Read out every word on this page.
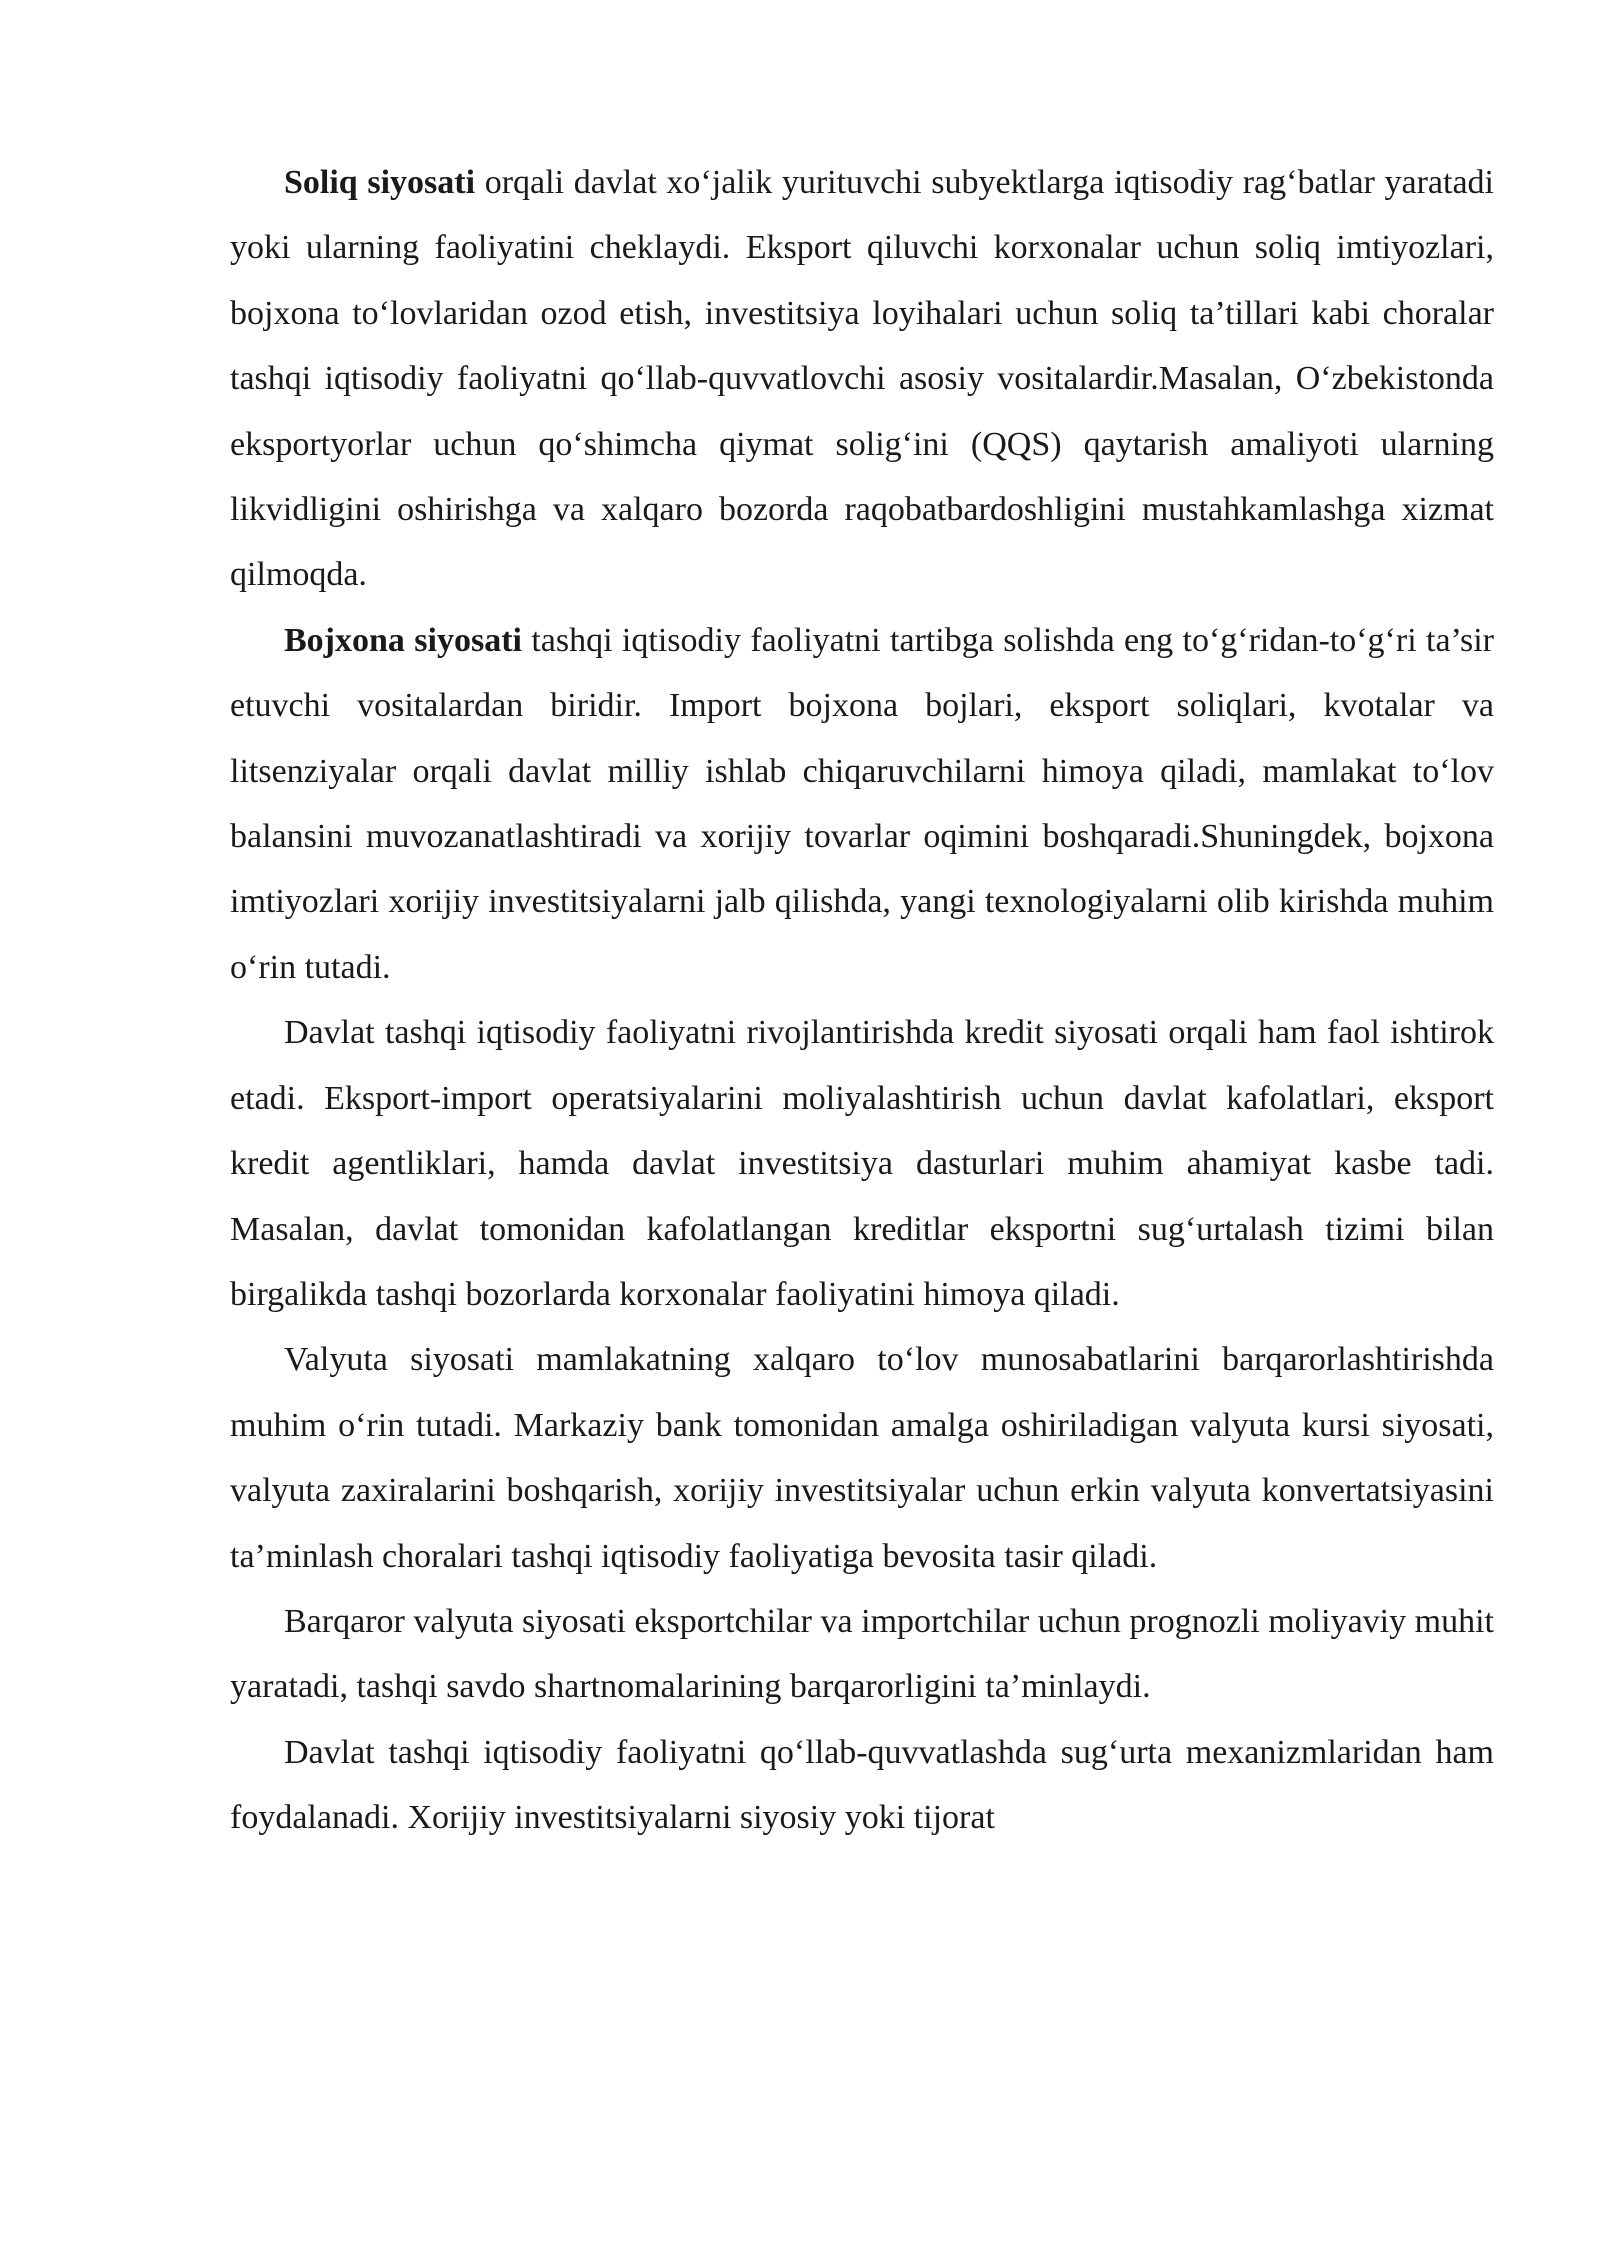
Soliq siyosati orqali davlat xo‘jalik yurituvchi subyektlarga iqtisodiy rag‘batlar yaratadi yoki ularning faoliyatini cheklaydi. Eksport qiluvchi korxonalar uchun soliq imtiyozlari, bojxona to‘lovlaridan ozod etish, investitsiya loyihalari uchun soliq ta’tillari kabi choralar tashqi iqtisodiy faoliyatni qo‘llab-quvvatlovchi asosiy vositalardir.Masalan, O‘zbekistonda eksportyorlar uchun qo‘shimcha qiymat solig‘ini (QQS) qaytarish amaliyoti ularning likvidligini oshirishga va xalqaro bozorda raqobatbardoshligini mustahkamlashga xizmat qilmoqda.

Bojxona siyosati tashqi iqtisodiy faoliyatni tartibga solishda eng to‘g‘ridan-to‘g‘ri ta’sir etuvchi vositalardan biridir. Import bojxona bojlari, eksport soliqlari, kvotalar va litsenziyalar orqali davlat milliy ishlab chiqaruvchilarni himoya qiladi, mamlakat to‘lov balansini muvozanatlashtiradi va xorijiy tovarlar oqimini boshqaradi.Shuningdek, bojxona imtiyozlari xorijiy investitsiyalarni jalb qilishda, yangi texnologiyalarni olib kirishda muhim o‘rin tutadi.

Davlat tashqi iqtisodiy faoliyatni rivojlantirishda kredit siyosati orqali ham faol ishtirok etadi. Eksport-import operatsiyalarini moliyalashtirish uchun davlat kafolatlari, eksport kredit agentliklari, hamda davlat investitsiya dasturlari muhim ahamiyat kasbe tadi. Masalan, davlat tomonidan kafolatlangan kreditlar eksportni sug‘urtalash tizimi bilan birgalikda tashqi bozorlarda korxonalar faoliyatini himoya qiladi.

Valyuta siyosati mamlakatning xalqaro to‘lov munosabatlarini barqarorlashtirishda muhim o‘rin tutadi. Markaziy bank tomonidan amalga oshiriladigan valyuta kursi siyosati, valyuta zaxiralarini boshqarish, xorijiy investitsiyalar uchun erkin valyuta konvertatsiyasini ta’minlash choralari tashqi iqtisodiy faoliyatiga bevosita tasir qiladi.

Barqaror valyuta siyosati eksportchilar va importchilar uchun prognozli moliyaviy muhit yaratadi, tashqi savdo shartnomalarining barqarorligini ta’minlaydi.

Davlat tashqi iqtisodiy faoliyatni qo‘llab-quvvatlashda sug‘urta mexanizmlaridan ham foydalanadi. Xorijiy investitsiyalarni siyosiy yoki tijorat
